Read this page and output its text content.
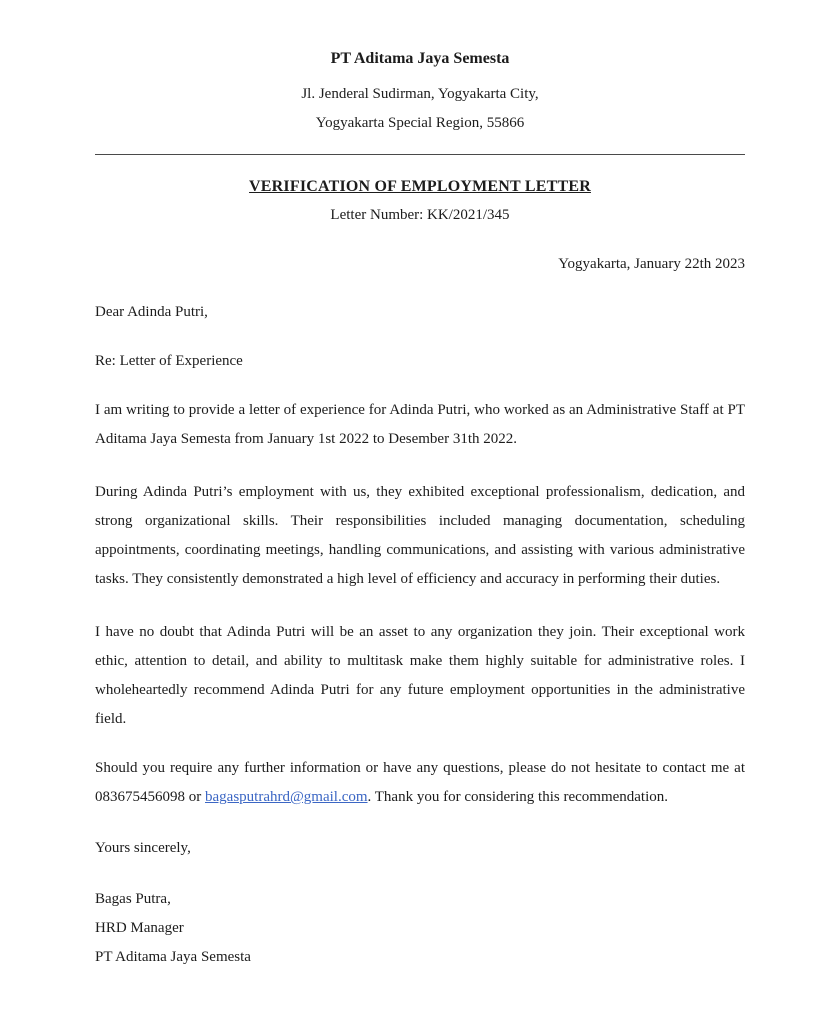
PT Aditama Jaya Semesta
Jl. Jenderal Sudirman, Yogyakarta City,
Yogyakarta Special Region, 55866
VERIFICATION OF EMPLOYMENT LETTER
Letter Number: KK/2021/345
Yogyakarta, January 22th 2023
Dear Adinda Putri,
Re: Letter of Experience
I am writing to provide a letter of experience for Adinda Putri, who worked as an Administrative Staff at PT Aditama Jaya Semesta from January 1st 2022 to Desember 31th 2022.
During Adinda Putri’s employment with us, they exhibited exceptional professionalism, dedication, and strong organizational skills. Their responsibilities included managing documentation, scheduling appointments, coordinating meetings, handling communications, and assisting with various administrative tasks. They consistently demonstrated a high level of efficiency and accuracy in performing their duties.
I have no doubt that Adinda Putri will be an asset to any organization they join. Their exceptional work ethic, attention to detail, and ability to multitask make them highly suitable for administrative roles. I wholeheartedly recommend Adinda Putri for any future employment opportunities in the administrative field.
Should you require any further information or have any questions, please do not hesitate to contact me at 083675456098 or bagasputrahrd@gmail.com. Thank you for considering this recommendation.
Yours sincerely,
Bagas Putra,
HRD Manager
PT Aditama Jaya Semesta
